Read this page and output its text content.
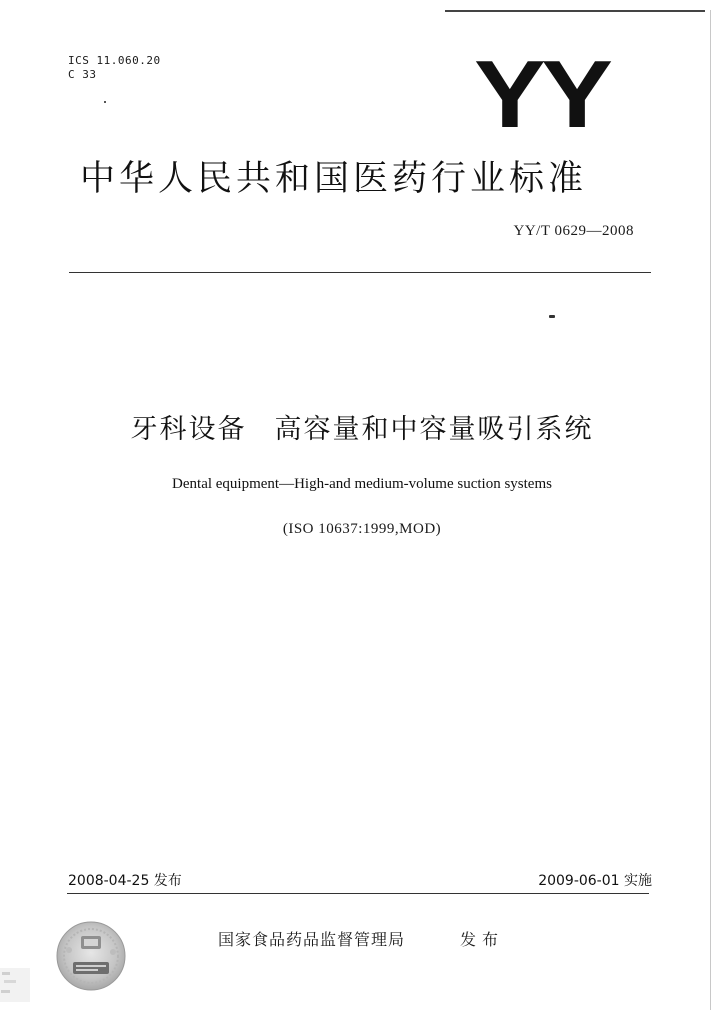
ICS 11.060.20
C 33	YY
中华人民共和国医药行业标准
YY/T 0629—2008
牙科设备 高容量和中容量吸引系统
Dental equipment—High-and medium-volume suction systems
(ISO 10637:1999,MOD)
2008-04-25 发布	2009-06-01 实施
国家食品药品监督管理局	发布
